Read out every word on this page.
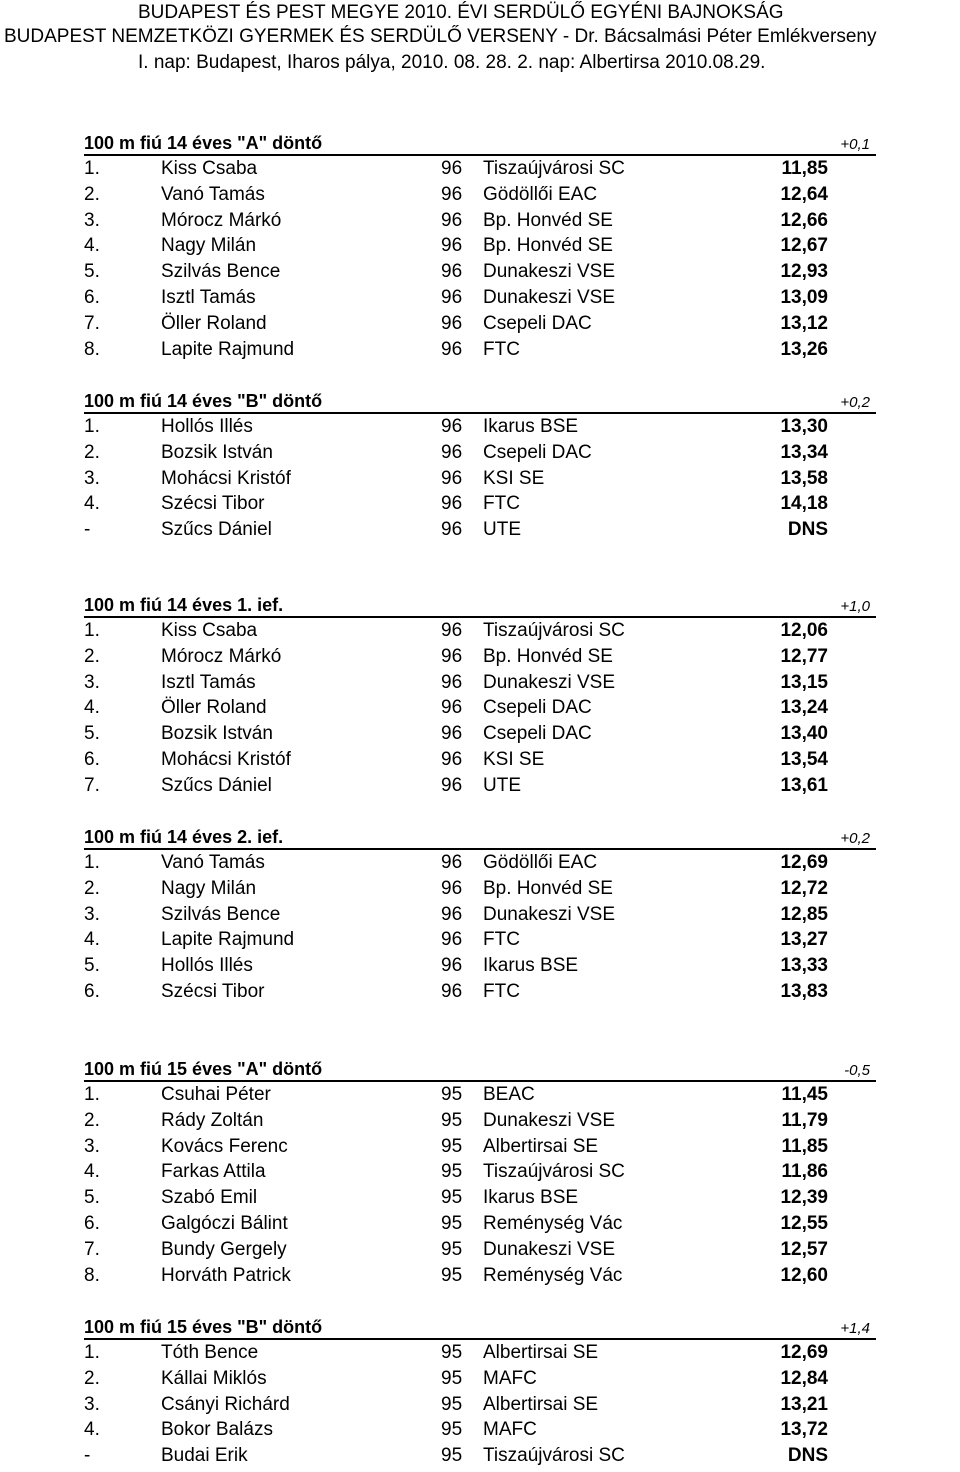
BUDAPEST ÉS PEST MEGYE 2010. ÉVI SERDÜLŐ EGYÉNI BAJNOKSÁG
BUDAPEST NEMZETKÖZI GYERMEK ÉS SERDÜLŐ VERSENY - Dr. Bácsalmási Péter Emlékverseny
I. nap: Budapest, Iharos pálya, 2010. 08. 28. 2. nap: Albertirsa 2010.08.29.
100 m fiú 14 éves "A" döntő	+0,1
1.	Kiss Csaba	96 Tiszaújvárosi SC	11,85
2.	Vanó Tamás	96 Gödöllői EAC	12,64
3.	Mórocz Márkó	96 Bp. Honvéd SE	12,66
4.	Nagy Milán	96 Bp. Honvéd SE	12,67
5.	Szilvás Bence	96 Dunakeszi VSE	12,93
6.	Isztl Tamás	96 Dunakeszi VSE	13,09
7.	Öller Roland	96 Csepeli DAC	13,12
8.	Lapite Rajmund	96 FTC	13,26
100 m fiú 14 éves "B" döntő	+0,2
1.	Hollós Illés	96 Ikarus BSE	13,30
2.	Bozsik István	96 Csepeli DAC	13,34
3.	Mohácsi Kristóf	96 KSI SE	13,58
4.	Szécsi Tibor	96 FTC	14,18
-	Szűcs Dániel	96 UTE	DNS
100 m fiú 14 éves 1. ief.	+1,0
1.	Kiss Csaba	96 Tiszaújvárosi SC	12,06
2.	Mórocz Márkó	96 Bp. Honvéd SE	12,77
3.	Isztl Tamás	96 Dunakeszi VSE	13,15
4.	Öller Roland	96 Csepeli DAC	13,24
5.	Bozsik István	96 Csepeli DAC	13,40
6.	Mohácsi Kristóf	96 KSI SE	13,54
7.	Szűcs Dániel	96 UTE	13,61
100 m fiú 14 éves 2. ief.	+0,2
1.	Vanó Tamás	96 Gödöllői EAC	12,69
2.	Nagy Milán	96 Bp. Honvéd SE	12,72
3.	Szilvás Bence	96 Dunakeszi VSE	12,85
4.	Lapite Rajmund	96 FTC	13,27
5.	Hollós Illés	96 Ikarus BSE	13,33
6.	Szécsi Tibor	96 FTC	13,83
100 m fiú 15 éves "A" döntő	-0,5
1.	Csuhai Péter	95 BEAC	11,45
2.	Rády Zoltán	95 Dunakeszi VSE	11,79
3.	Kovács Ferenc	95 Albertirsai SE	11,85
4.	Farkas Attila	95 Tiszaújvárosi SC	11,86
5.	Szabó Emil	95 Ikarus BSE	12,39
6.	Galgóczi Bálint	95 Reménység Vác	12,55
7.	Bundy Gergely	95 Dunakeszi VSE	12,57
8.	Horváth Patrick	95 Reménység Vác	12,60
100 m fiú 15 éves "B" döntő	+1,4
1.	Tóth Bence	95 Albertirsai SE	12,69
2.	Kállai Miklós	95 MAFC	12,84
3.	Csányi Richárd	95 Albertirsai SE	13,21
4.	Bokor Balázs	95 MAFC	13,72
-	Budai Erik	95 Tiszaújvárosi SC	DNS
